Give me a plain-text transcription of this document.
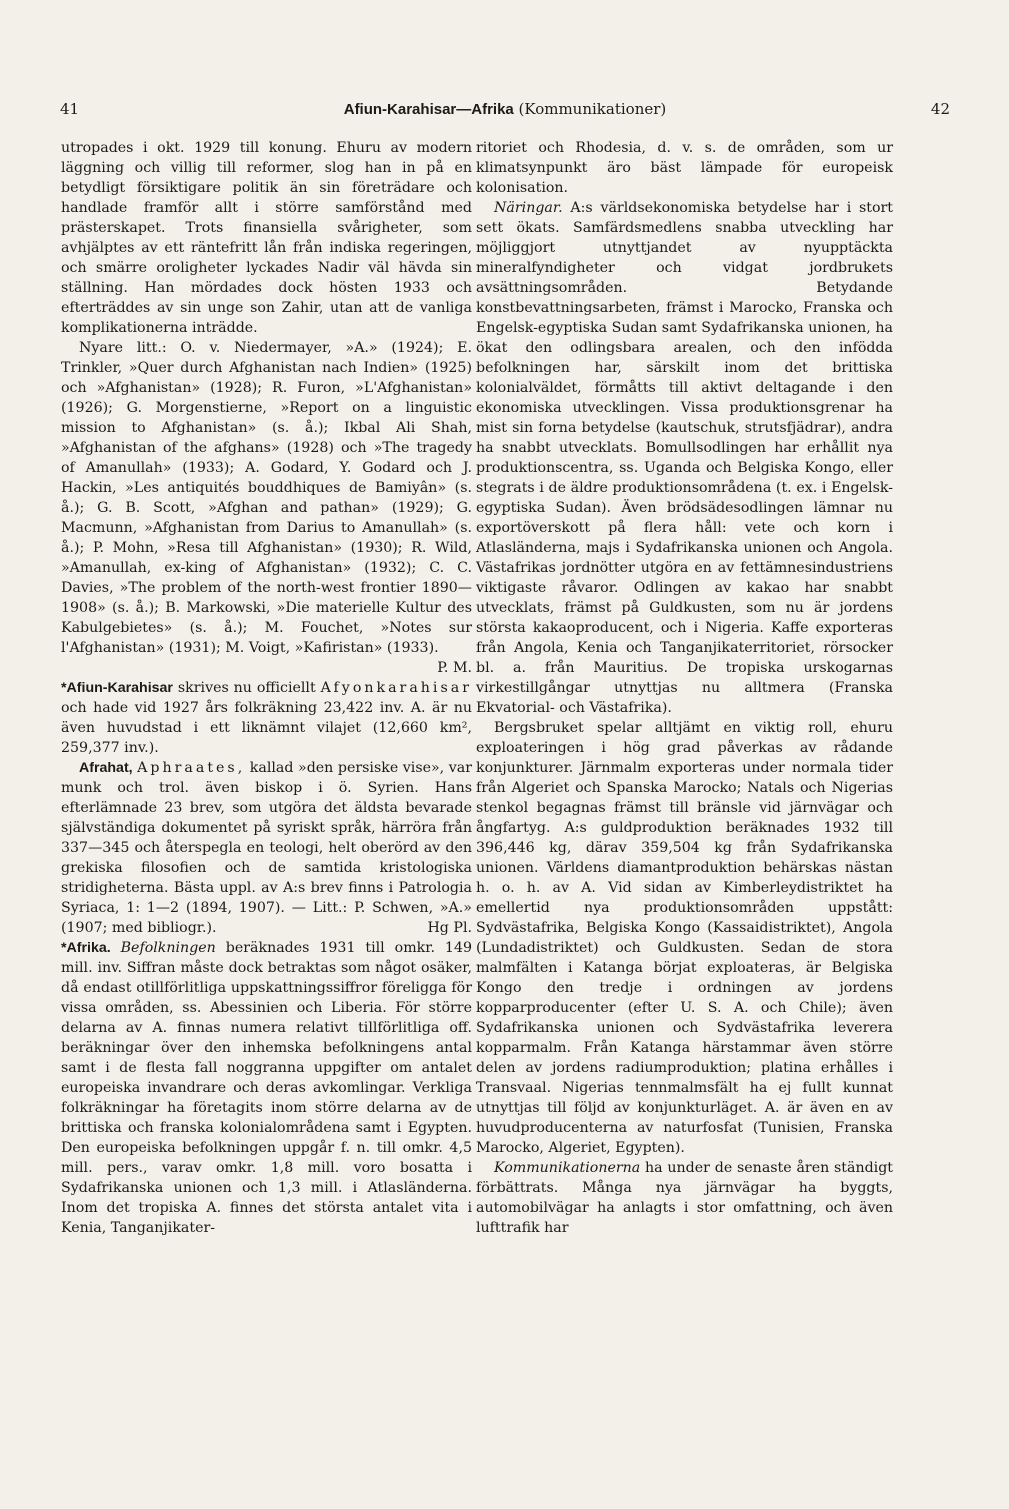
41	Afiun-Karahisar—Afrika (Kommunikationer)	42

utropades i okt. 1929 till konung. Ehuru av modern läggning och villig till reformer, slog han in på en betydligt försiktigare politik än sin företrädare och handlade framför allt i större samförstånd med prästerskapet. Trots finansiella svårigheter, som avhjälptes av ett räntefritt lån från indiska regeringen, och smärre oroligheter lyckades Nadir väl hävda sin ställning. Han mördades dock hösten 1933 och efterträddes av sin unge son Zahir, utan att de vanliga komplikationerna inträdde.

Nyare litt.: O. v. Niedermayer, »A.» (1924); E. Trinkler, »Quer durch Afghanistan nach Indien» (1925) och »Afghanistan» (1928); R. Furon, »L'Afghanistan» (1926); G. Morgenstierne, »Report on a linguistic mission to Afghanistan» (s. å.); Ikbal Ali Shah, »Afghanistan of the afghans» (1928) och »The tragedy of Amanullah» (1933); A. Godard, Y. Godard och J. Hackin, »Les antiquités bouddhiques de Bamiyân» (s. å.); G. B. Scott, »Afghan and pathan» (1929); G. Macmunn, »Afghanistan from Darius to Amanullah» (s. å.); P. Mohn, »Resa till Afghanistan» (1930); R. Wild, »Amanullah, ex-king of Afghanistan» (1932); C. C. Davies, »The problem of the north-west frontier 1890—1908» (s. å.); B. Markowski, »Die materielle Kultur des Kabulgebietes» (s. å.); M. Fouchet, »Notes sur l'Afghanistan» (1931); M. Voigt, »Kafiristan» (1933).
P. M.

*Afiun-Karahisar skrives nu officiellt Afyonkarahisar och hade vid 1927 års folkräkning 23,422 inv. A. är nu även huvudstad i ett liknämnt vilajet (12,660 km², 259,377 inv.).

Afrahat, Aphraates, kallad »den persiske vise», var munk och trol. även biskop i ö. Syrien. Hans efterlämnade 23 brev, som utgöra det äldsta bevarade självständiga dokumentet på syriskt språk, härröra från 337—345 och återspegla en teologi, helt oberörd av den grekiska filosofien och de samtida kristologiska stridigheterna. Bästa uppl. av A:s brev finns i Patrologia Syriaca, 1: 1—2 (1894, 1907). — Litt.: P. Schwen, »A.» (1907; med bibliogr.).	Hg Pl.

*Afrika. Befolkningen beräknades 1931 till omkr. 149 mill. inv. Siffran måste dock betraktas som något osäker, då endast otillförlitliga uppskattningssiffror föreligga för vissa områden, ss. Abessinien och Liberia. För större delarna av A. finnas numera relativt tillförlitliga off. beräkningar över den inhemska befolkningens antal samt i de flesta fall noggranna uppgifter om antalet europeiska invandrare och deras avkomlingar. Verkliga folkräkningar ha företagits inom större delarna av de brittiska och franska kolonialområdena samt i Egypten. Den europeiska befolkningen uppgår f. n. till omkr. 4,5 mill. pers., varav omkr. 1,8 mill. voro bosatta i Sydafrikanska unionen och 1,3 mill. i Atlasländerna. Inom det tropiska A. finnes det största antalet vita i Kenia, Tanganjikater-

ritoriet och Rhodesia, d. v. s. de områden, som ur klimatsynpunkt äro bäst lämpade för europeisk kolonisation.

Näringar. A:s världsekonomiska betydelse har i stort sett ökats. Samfärdsmedlens snabba utveckling har möjliggjort utnyttjandet av nyupptäckta mineralfyndigheter och vidgat jordbrukets avsättningsområden. Betydande konstbevattningsarbeten, främst i Marocko, Franska och Engelsk-egyptiska Sudan samt Sydafrikanska unionen, ha ökat den odlingsbara arealen, och den infödda befolkningen har, särskilt inom det brittiska kolonialväldet, förmåtts till aktivt deltagande i den ekonomiska utvecklingen. Vissa produktionsgrenar ha mist sin forna betydelse (kautschuk, strutsfjädrar), andra ha snabbt utvecklats. Bomullsodlingen har erhållit nya produktionscentra, ss. Uganda och Belgiska Kongo, eller stegrats i de äldre produktionsområdena (t. ex. i Engelsk-egyptiska Sudan). Även brödsädesodlingen lämnar nu exportöverskott på flera håll: vete och korn i Atlasländerna, majs i Sydafrikanska unionen och Angola. Västafrikas jordnötter utgöra en av fettämnesindustriens viktigaste råvaror. Odlingen av kakao har snabbt utvecklats, främst på Guldkusten, som nu är jordens största kakaoproducent, och i Nigeria. Kaffe exporteras från Angola, Kenia och Tanganjikaterritoriet, rörsocker bl. a. från Mauritius. De tropiska urskogarnas virkestillgångar utnyttjas nu alltmera (Franska Ekvatorial- och Västafrika).

Bergsbruket spelar alltjämt en viktig roll, ehuru exploateringen i hög grad påverkas av rådande konjunkturer. Järnmalm exporteras under normala tider från Algeriet och Spanska Marocko; Natals och Nigerias stenkol begagnas främst till bränsle vid järnvägar och ångfartyg. A:s guldproduktion beräknades 1932 till 396,446 kg, därav 359,504 kg från Sydafrikanska unionen. Världens diamantproduktion behärskas nästan h. o. h. av A. Vid sidan av Kimberleydistriktet ha emellertid nya produktionsområden uppstått: Sydvästafrika, Belgiska Kongo (Kassaidistriktet), Angola (Lundadistriktet) och Guldkusten. Sedan de stora malmfälten i Katanga börjat exploateras, är Belgiska Kongo den tredje i ordningen av jordens kopparproducenter (efter U. S. A. och Chile); även Sydafrikanska unionen och Sydvästafrika leverera kopparmalm. Från Katanga härstammar även större delen av jordens radiumproduktion; platina erhålles i Transvaal. Nigerias tennmalmsfält ha ej fullt kunnat utnyttjas till följd av konjunkturläget. A. är även en av huvudproducenterna av naturfosfat (Tunisien, Franska Marocko, Algeriet, Egypten).

Kommunikationerna ha under de senaste åren ständigt förbättrats. Många nya järnvägar ha byggts, automobilvägar ha anlagts i stor omfattning, och även lufttrafik har
